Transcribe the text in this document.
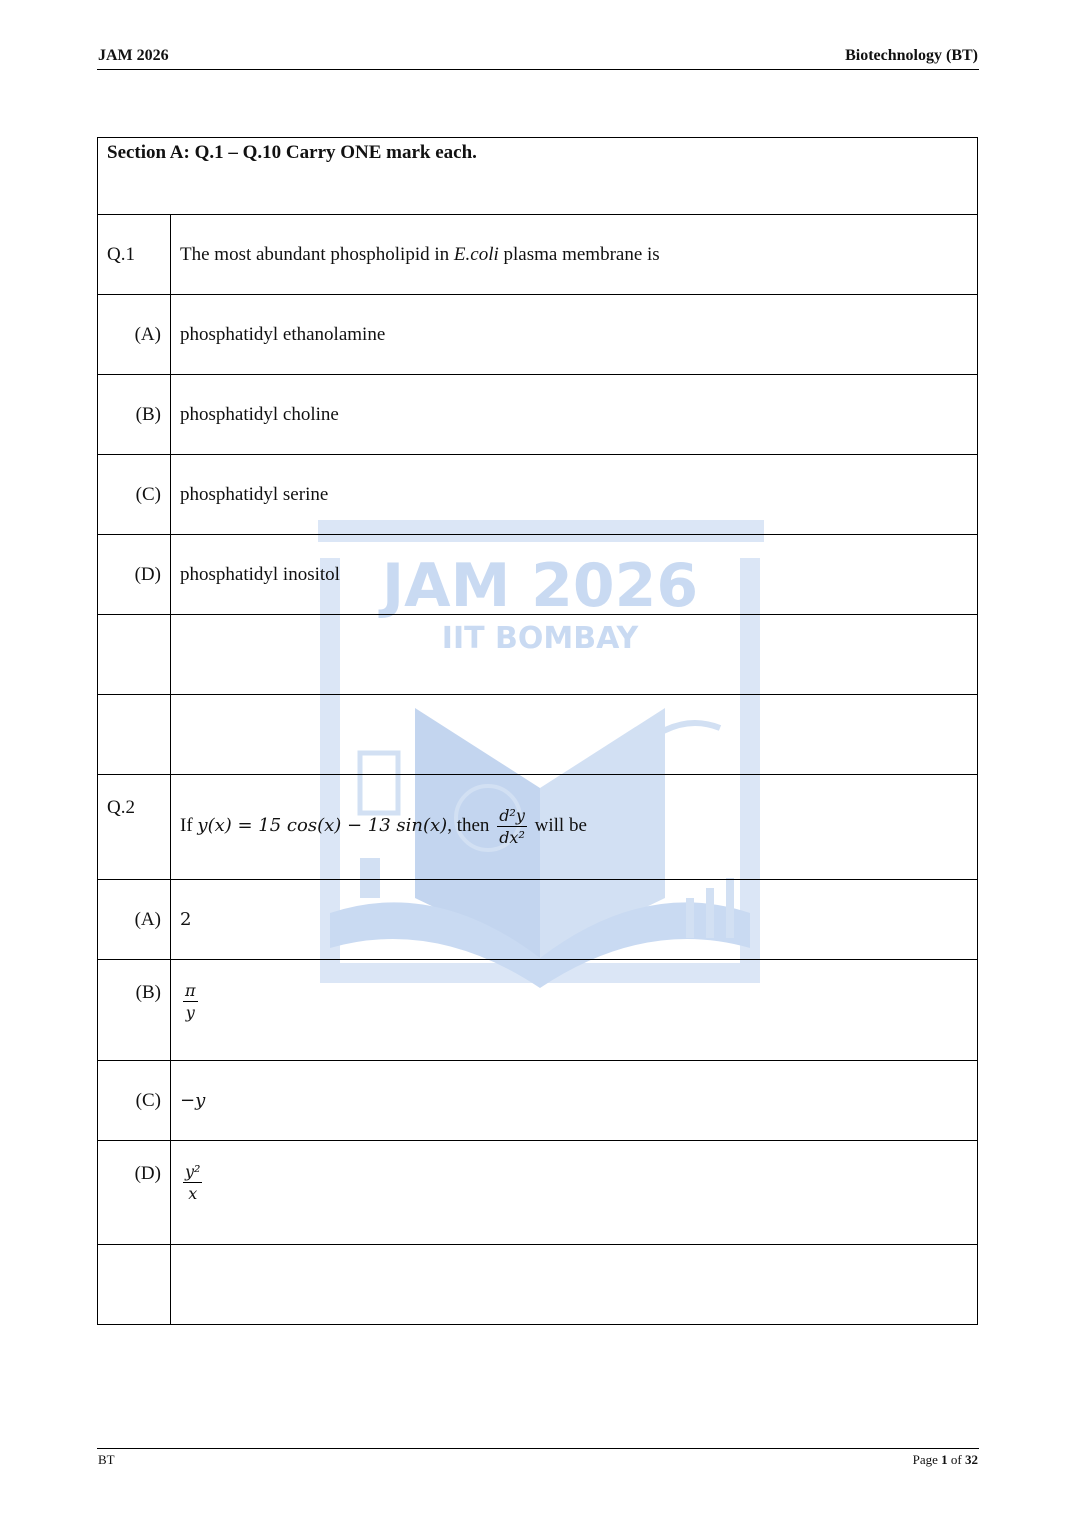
JAM 2026	Biotechnology (BT)
JAM 2026
IIT BOMBAY
Section A: Q.1 – Q.10 Carry ONE mark each.	
Q.1	The most abundant phospholipid in E.coli plasma membrane is
(A)	phosphatidyl ethanolamine
(B)	phosphatidyl choline
(C)	phosphatidyl serine
(D)	phosphatidyl inositol

Q.2	If y(x) = 15 cos(x) − 13 sin(x), then $\frac{\text{d²y}}{\text{dx²}}$ will be
(A)	2
(B)	$\frac{\pi}{y}$

(C)	−y
(D)	$\frac{\text{y²}}{x}$

BT	Page 1 of 32
